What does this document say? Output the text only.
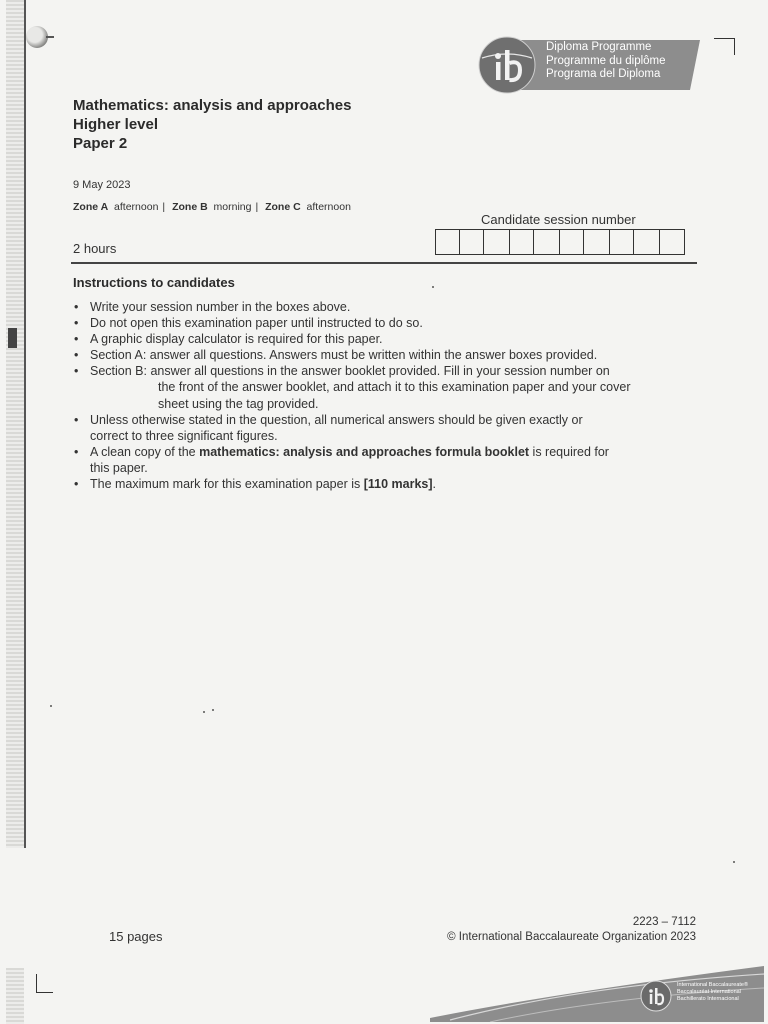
Diploma Programme
Programme du diplôme
Programa del Diploma
Mathematics: analysis and approaches
Higher level
Paper 2
9 May 2023
Zone A afternoon | Zone B morning | Zone C afternoon
Candidate session number
2 hours
Instructions to candidates
• Write your session number in the boxes above.
• Do not open this examination paper until instructed to do so.
• A graphic display calculator is required for this paper.
• Section A: answer all questions. Answers must be written within the answer boxes provided.
• Section B: answer all questions in the answer booklet provided. Fill in your session number on
the front of the answer booklet, and attach it to this examination paper and your cover
sheet using the tag provided.
• Unless otherwise stated in the question, all numerical answers should be given exactly or
correct to three significant figures.
• A clean copy of the mathematics: analysis and approaches formula booklet is required for
this paper.
• The maximum mark for this examination paper is [110 marks].
15 pages
2223 – 7112
© International Baccalaureate Organization 2023
International Baccalaureate®
Baccalauréat International
Bachillerato Internacional
